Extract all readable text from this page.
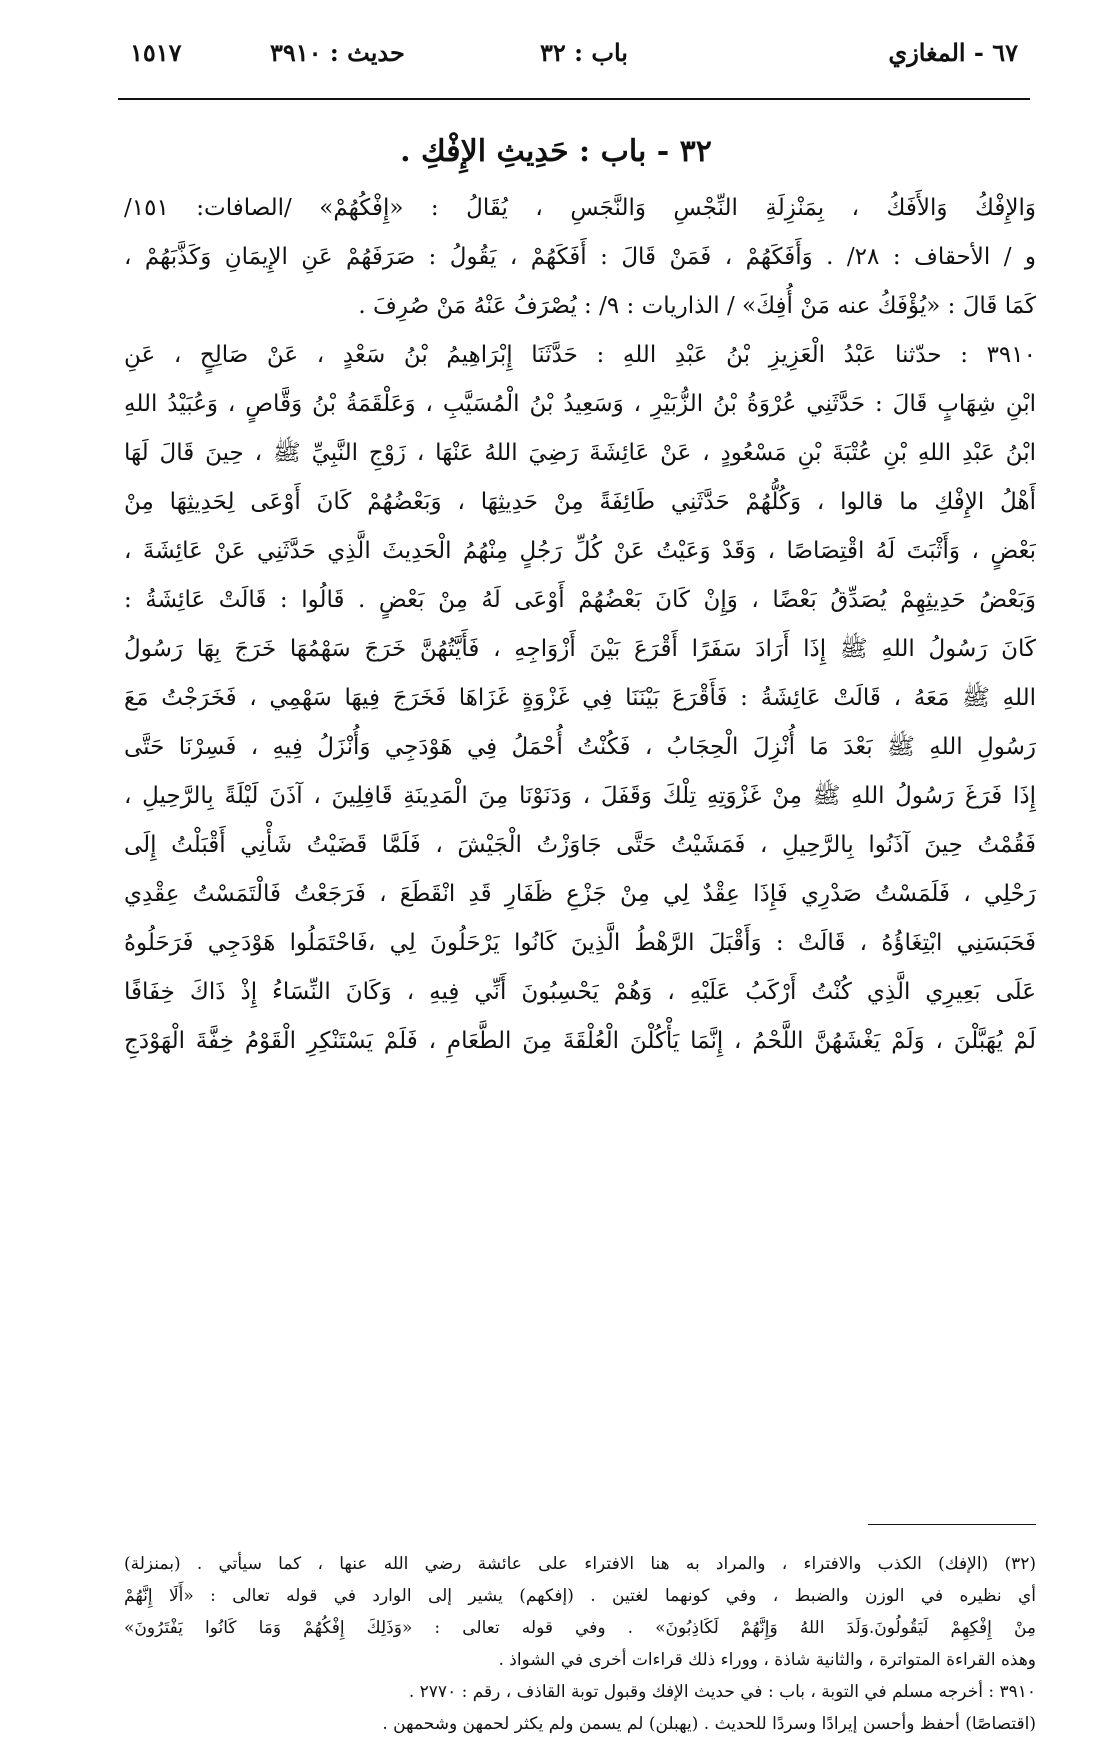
١٥١٧	حديث : ٣٩١٠	باب : ٣٢	٦٧ - المغازي
٣٢ - باب : حَدِيثِ الإِفْكِ .
وَالإِفْكُ وَالأَفَكُ ، بِمَنْزِلَةِ النِّجْسِ وَالنَّجَسِ ، يُقَالُ : «إِفْكُهُمْ» /الصافات: ١٥١/
و / الأحقاف : ٢٨/ . وَأَفَكَهُمْ ، فَمَنْ قَالَ : أَفَكَهُمْ ، يَقُولُ : صَرَفَهُمْ عَنِ الإِيمَانِ وَكَذَّبَهُمْ ،
كَمَا قَالَ : «يُؤْفَكُ عنه مَنْ أُفِكَ» / الذاريات : ٩/ : يُصْرَفُ عَنْهُ مَنْ صُرِفَ .
٣٩١٠ : حدّثنا عَبْدُ الْعَزِيزِ بْنُ عَبْدِ اللهِ : حَدَّثَنَا إِبْرَاهِيمُ بْنُ سَعْدٍ ، عَنْ صَالِحٍ ، عَنِ
ابْنِ شِهَابٍ قَالَ : حَدَّثَنِي عُرْوَةُ بْنُ الزُّبَيْرِ ، وَسَعِيدُ بْنُ الْمُسَيَّبِ ، وَعَلْقَمَةُ بْنُ وَقَّاصٍ ، وَعُبَيْدُ اللهِ
ابْنُ عَبْدِ اللهِ بْنِ عُتْبَةَ بْنِ مَسْعُودٍ ، عَنْ عَائِشَةَ رَضِيَ اللهُ عَنْهَا ، زَوْجِ النَّبِيِّ ﷺ ، حِينَ قَالَ لَهَا
أَهْلُ الإِفْكِ ما قالوا ، وَكُلُّهُمْ حَدَّثَنِي طَائِفَةً مِنْ حَدِيثِهَا ، وَبَعْضُهُمْ كَانَ أَوْعَى لِحَدِيثِهَا مِنْ
بَعْضٍ ، وَأَثْبَتَ لَهُ اقْتِصَاصًا ، وَقَدْ وَعَيْتُ عَنْ كُلِّ رَجُلٍ مِنْهُمُ الْحَدِيثَ الَّذِي حَدَّثَنِي عَنْ عَائِشَةَ ،
وَبَعْضُ حَدِيثِهِمْ يُصَدِّقُ بَعْضًا ، وَإِنْ كَانَ بَعْضُهُمْ أَوْعَى لَهُ مِنْ بَعْضٍ . قَالُوا : قَالَتْ عَائِشَةُ :
كَانَ رَسُولُ اللهِ ﷺ إِذَا أَرَادَ سَفَرًا أَقْرَعَ بَيْنَ أَزْوَاجِهِ ، فَأَيَّتُهُنَّ خَرَجَ سَهْمُهَا خَرَجَ بِهَا رَسُولُ
اللهِ ﷺ مَعَهُ ، قَالَتْ عَائِشَةُ : فَأَقْرَعَ بَيْنَنَا فِي غَزْوَةٍ غَزَاهَا فَخَرَجَ فِيهَا سَهْمِي ، فَخَرَجْتُ مَعَ
رَسُولِ اللهِ ﷺ بَعْدَ مَا أُنْزِلَ الْحِجَابُ ، فَكُنْتُ أُحْمَلُ فِي هَوْدَجِي وَأُنْزَلُ فِيهِ ، فَسِرْنَا حَتَّى
إِذَا فَرَغَ رَسُولُ اللهِ ﷺ مِنْ غَزْوَتِهِ تِلْكَ وَقَفَلَ ، وَدَنَوْنَا مِنَ الْمَدِينَةِ قَافِلِينَ ، آذَنَ لَيْلَةً بِالرَّحِيلِ ،
فَقُمْتُ حِينَ آذَنُوا بِالرَّحِيلِ ، فَمَشَيْتُ حَتَّى جَاوَزْتُ الْجَيْشَ ، فَلَمَّا قَضَيْتُ شَأْنِي أَقْبَلْتُ إِلَى
رَحْلِي ، فَلَمَسْتُ صَدْرِي فَإِذَا عِقْدٌ لِي مِنْ جَزْعِ ظَفَارِ قَدِ انْقَطَعَ ، فَرَجَعْتُ فَالْتَمَسْتُ عِقْدِي
فَحَبَسَنِي ابْتِغَاؤُهُ ، قَالَتْ : وَأَقْبَلَ الرَّهْطُ الَّذِينَ كَانُوا يَرْحَلُونَ لِي ،فَاحْتَمَلُوا هَوْدَجِي فَرَحَلُوهُ
عَلَى بَعِيرِي الَّذِي كُنْتُ أَرْكَبُ عَلَيْهِ ، وَهُمْ يَحْسِبُونَ أَنِّي فِيهِ ، وَكَانَ النِّسَاءُ إِذْ ذَاكَ خِفَافًا
لَمْ يُهَبَّلْنَ ، وَلَمْ يَغْشَهُنَّ اللَّحْمُ ، إِنَّمَا يَأْكُلْنَ الْعُلْقَةَ مِنَ الطَّعَامِ ، فَلَمْ يَسْتَنْكِرِ الْقَوْمُ خِفَّةَ الْهَوْدَجِ
(٣٢) (الإفك) الكذب والافتراء ، والمراد به هنا الافتراء على عائشة رضي الله عنها ، كما سيأتي . (بمنزلة)
أي نظيره في الوزن والضبط ، وفي كونهما لغتين . (إفكهم) يشير إلى الوارد في قوله تعالى : «أَلَا إِنَّهُمْ
مِنْ إِفْكِهِمْ لَيَقُولُونَ.وَلَدَ اللهُ وَإِنَّهُمْ لَكَاذِبُونَ» . وفي قوله تعالى : «وَذَلِكَ إِفْكُهُمْ وَمَا كَانُوا يَفْتَرُونَ»
وهذه القراءة المتواترة ، والثانية شاذة ، ووراء ذلك قراءات أخرى في الشواذ .
٣٩١٠ : أخرجه مسلم في التوبة ، باب : في حديث الإفك وقبول توبة القاذف ، رقم : ٢٧٧٠ .
(اقتصاصًا) أحفظ وأحسن إيرادًا وسردًا للحديث . (يهبلن) لم يسمن ولم يكثر لحمهن وشحمهن .
